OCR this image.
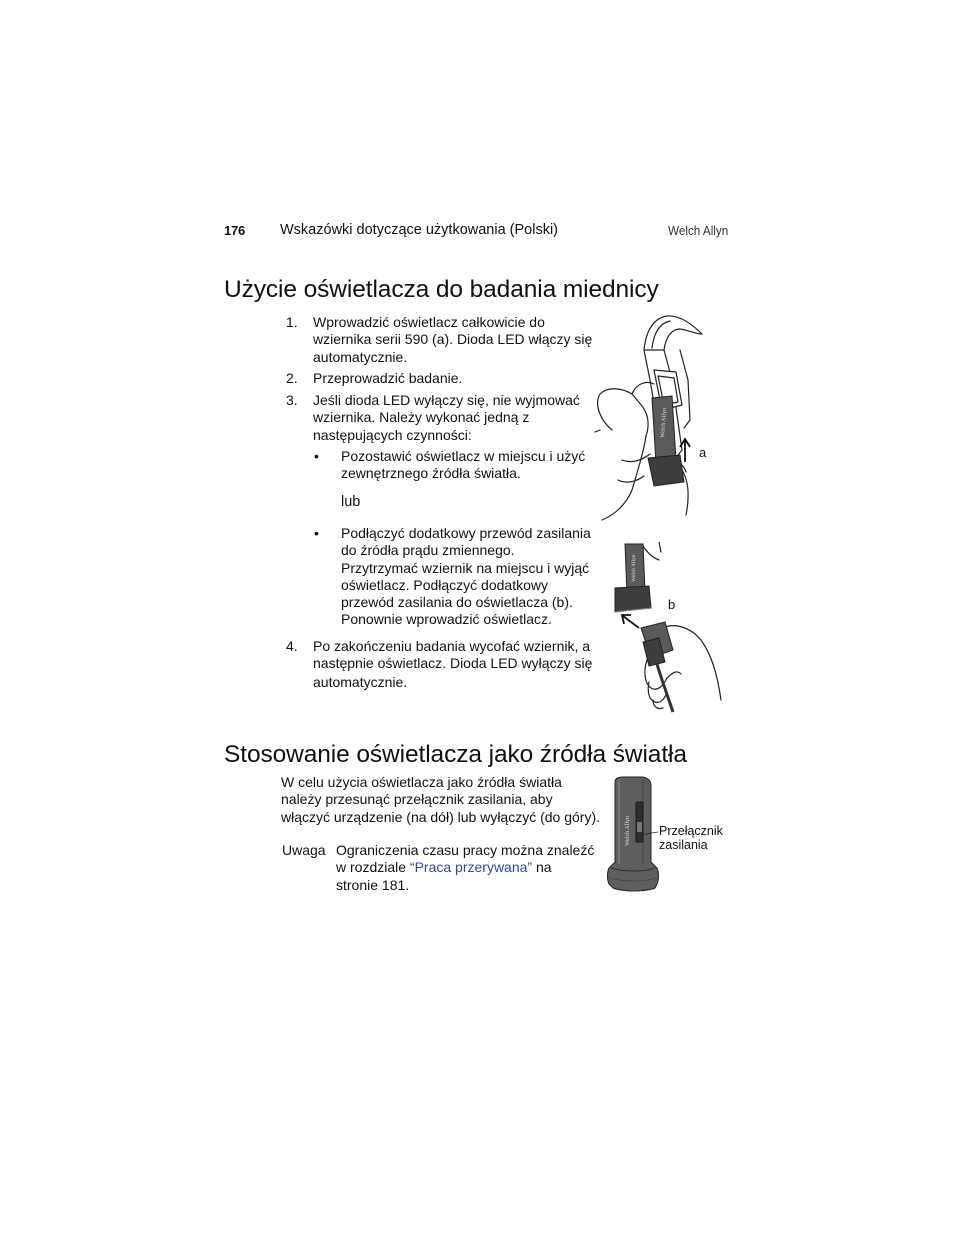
176 Wskazówki dotyczące użytkowania (Polski)	Welch Allyn
Użycie oświetlacza do badania miednicy
1. Wprowadzić oświetlacz całkowicie do
wziernika serii 590 (a). Dioda LED włączy się
automatycznie.
2. Przeprowadzić badanie.
3. Jeśli dioda LED wyłączy się, nie wyjmować
wziernika. Należy wykonać jedną z
następujących czynności:
• Pozostawić oświetlacz w miejscu i użyć
zewnętrznego źródła światła.
lub
• Podłączyć dodatkowy przewód zasilania
do źródła prądu zmiennego.
Przytrzymać wziernik na miejscu i wyjąć
oświetlacz. Podłączyć dodatkowy
przewód zasilania do oświetlacza (b).
Ponownie wprowadzić oświetlacz.
4. Po zakończeniu badania wycofać wziernik, a
następnie oświetlacz. Dioda LED wyłączy się
automatycznie.
Welch Allyn
a
Welch Allyn
b
Stosowanie oświetlacza jako źródła światła
W celu użycia oświetlacza jako źródła światła
należy przesunąć przełącznik zasilania, aby
włączyć urządzenie (na dół) lub wyłączyć (do góry).
Uwaga Ograniczenia czasu pracy można znaleźć
w rozdziale “Praca przerywana” na
stronie 181.
Welch Allyn Przełącznik
zasilania
